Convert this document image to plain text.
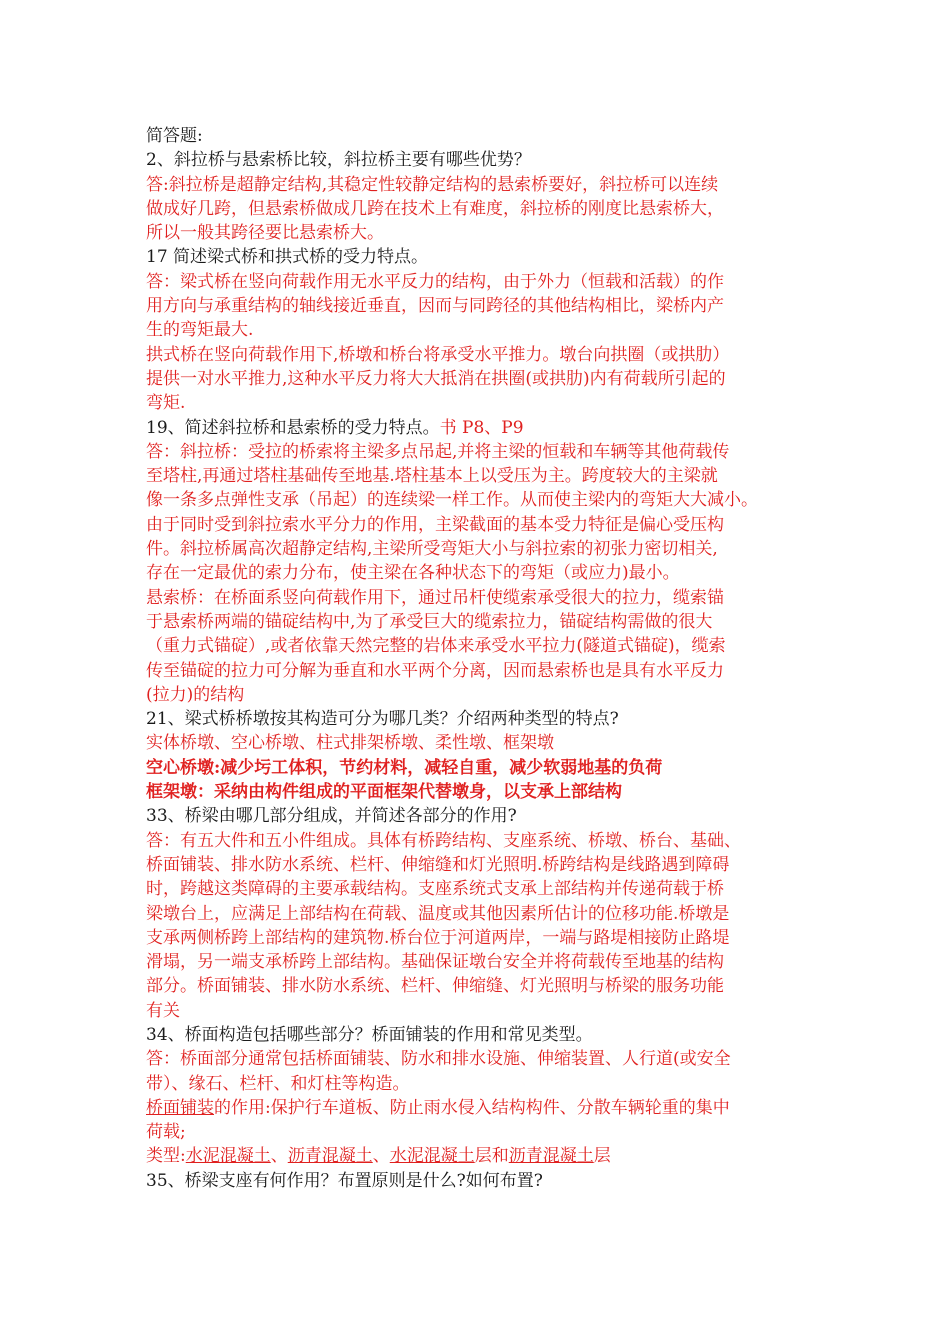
简答题:
2、斜拉桥与悬索桥比较，斜拉桥主要有哪些优势？
答:斜拉桥是超静定结构,其稳定性较静定结构的悬索桥要好，斜拉桥可以连续
做成好几跨，但悬索桥做成几跨在技术上有难度，斜拉桥的刚度比悬索桥大，
所以一般其跨径要比悬索桥大。
17 简述梁式桥和拱式桥的受力特点。
答：梁式桥在竖向荷载作用无水平反力的结构，由于外力（恒载和活载）的作
用方向与承重结构的轴线接近垂直，因而与同跨径的其他结构相比，梁桥内产
生的弯矩最大.
拱式桥在竖向荷载作用下,桥墩和桥台将承受水平推力。墩台向拱圈（或拱肋）
提供一对水平推力,这种水平反力将大大抵消在拱圈(或拱肋)内有荷载所引起的
弯矩.
19、简述斜拉桥和悬索桥的受力特点。书 P8、P9
答：斜拉桥：受拉的桥索将主梁多点吊起,并将主梁的恒载和车辆等其他荷载传
至塔柱,再通过塔柱基础传至地基.塔柱基本上以受压为主。跨度较大的主梁就
像一条多点弹性支承（吊起）的连续梁一样工作。从而使主梁内的弯矩大大减小。
由于同时受到斜拉索水平分力的作用，主梁截面的基本受力特征是偏心受压构
件。斜拉桥属高次超静定结构,主梁所受弯矩大小与斜拉索的初张力密切相关,
存在一定最优的索力分布，使主梁在各种状态下的弯矩（或应力)最小。
悬索桥：在桥面系竖向荷载作用下，通过吊杆使缆索承受很大的拉力，缆索锚
于悬索桥两端的锚碇结构中,为了承受巨大的缆索拉力，锚碇结构需做的很大
（重力式锚碇）,或者依靠天然完整的岩体来承受水平拉力(隧道式锚碇)，缆索
传至锚碇的拉力可分解为垂直和水平两个分离，因而悬索桥也是具有水平反力
(拉力)的结构
21、梁式桥桥墩按其构造可分为哪几类？介绍两种类型的特点?
实体桥墩、空心桥墩、柱式排架桥墩、柔性墩、框架墩
空心桥墩:减少圬工体积，节约材料，减轻自重，减少软弱地基的负荷
框架墩：采纳由构件组成的平面框架代替墩身，以支承上部结构
33、桥梁由哪几部分组成，并简述各部分的作用?
答：有五大件和五小件组成。具体有桥跨结构、支座系统、桥墩、桥台、基础、
桥面铺装、排水防水系统、栏杆、伸缩缝和灯光照明.桥跨结构是线路遇到障碍
时，跨越这类障碍的主要承载结构。支座系统式支承上部结构并传递荷载于桥
梁墩台上，应满足上部结构在荷载、温度或其他因素所估计的位移功能.桥墩是
支承两侧桥跨上部结构的建筑物.桥台位于河道两岸，一端与路堤相接防止路堤
滑塌，另一端支承桥跨上部结构。基础保证墩台安全并将荷载传至地基的结构
部分。桥面铺装、排水防水系统、栏杆、伸缩缝、灯光照明与桥梁的服务功能
有关
34、桥面构造包括哪些部分？桥面铺装的作用和常见类型。
答：桥面部分通常包括桥面铺装、防水和排水设施、伸缩装置、人行道(或安全
带）、缘石、栏杆、和灯柱等构造。
桥面铺装的作用:保护行车道板、防止雨水侵入结构构件、分散车辆轮重的集中
荷载;
类型:水泥混凝土、沥青混凝土、水泥混凝土层和沥青混凝土层
35、桥梁支座有何作用？布置原则是什么?如何布置?
